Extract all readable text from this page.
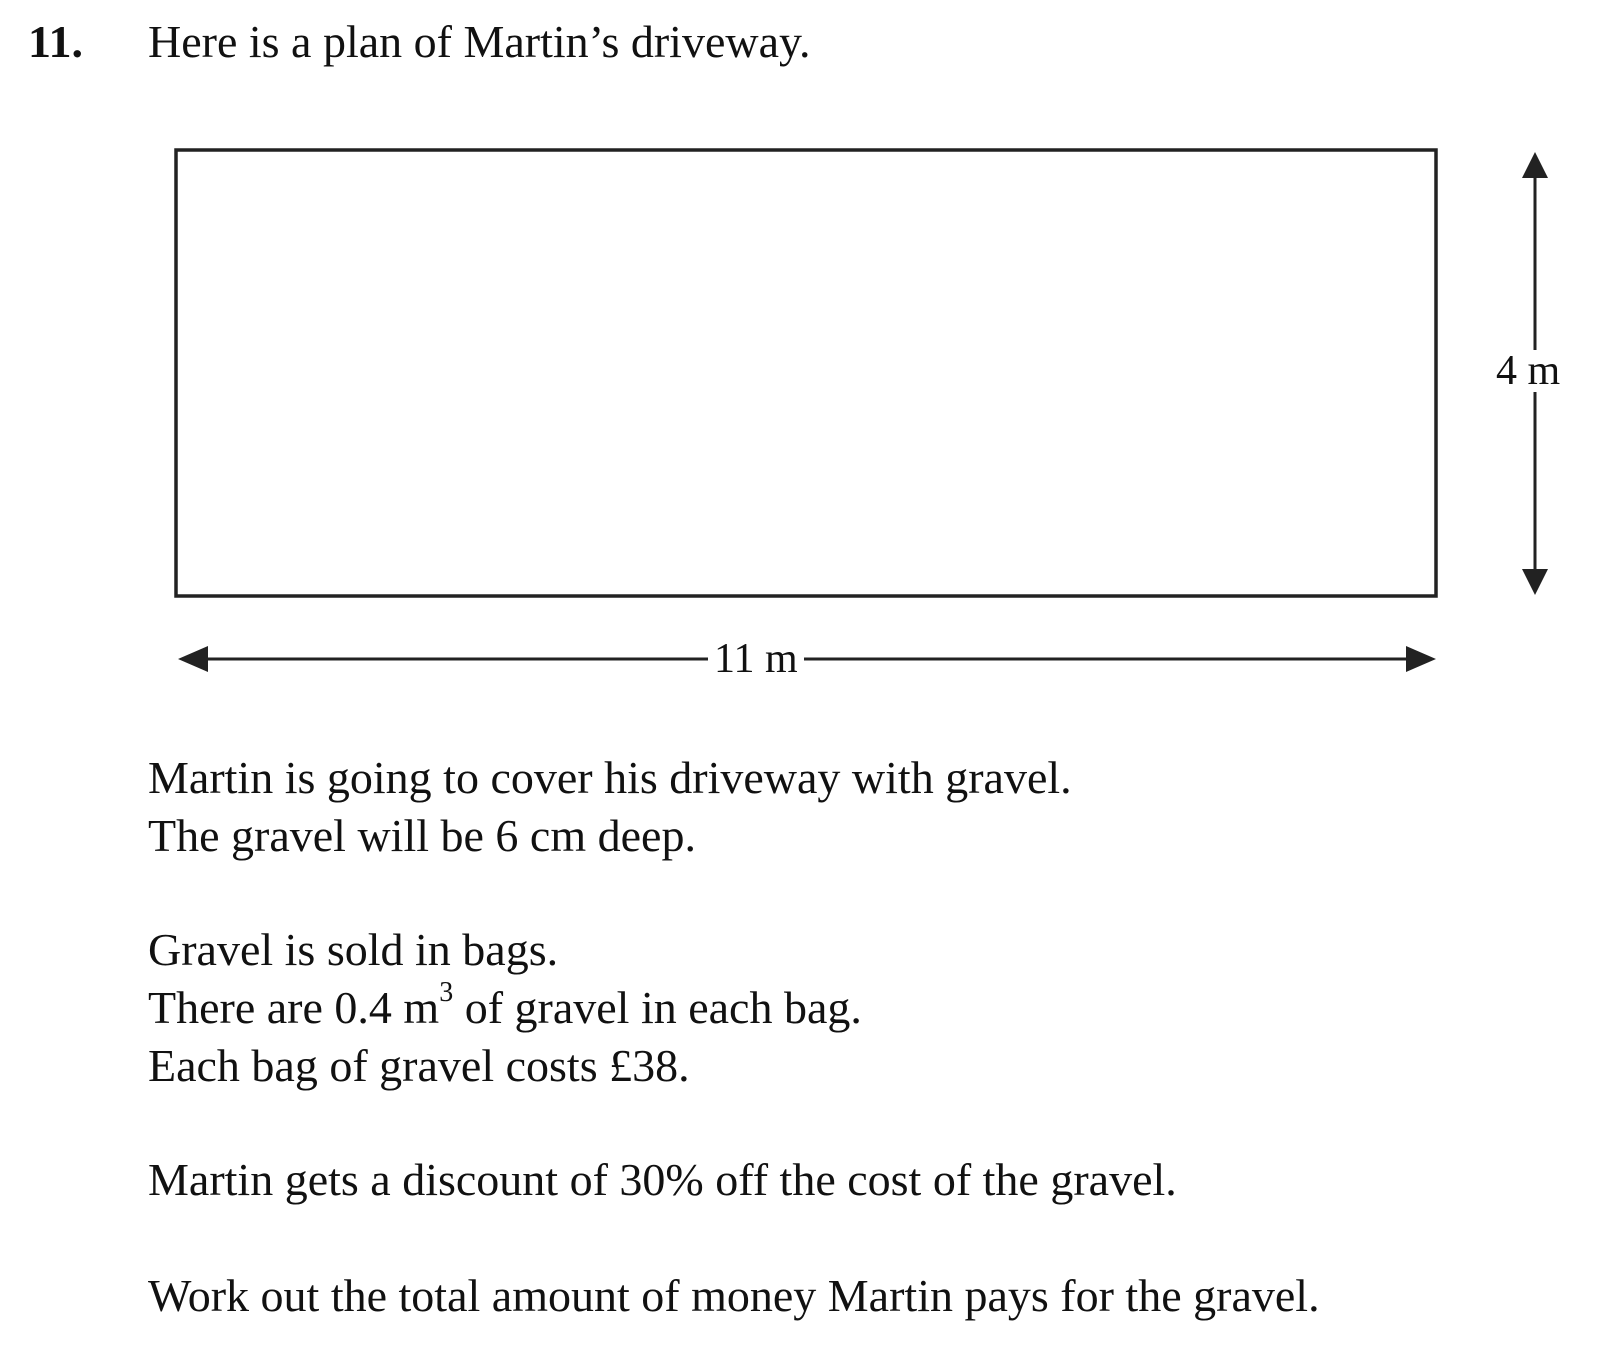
11. Here is a plan of Martin’s driveway.
11 m
4 m
Martin is going to cover his driveway with gravel.
The gravel will be 6 cm deep.
Gravel is sold in bags.
There are 0.4 $m^3$ of gravel in each bag.
Each bag of gravel costs £38.
Martin gets a discount of 30% off the cost of the gravel.
Work out the total amount of money Martin pays for the gravel.
